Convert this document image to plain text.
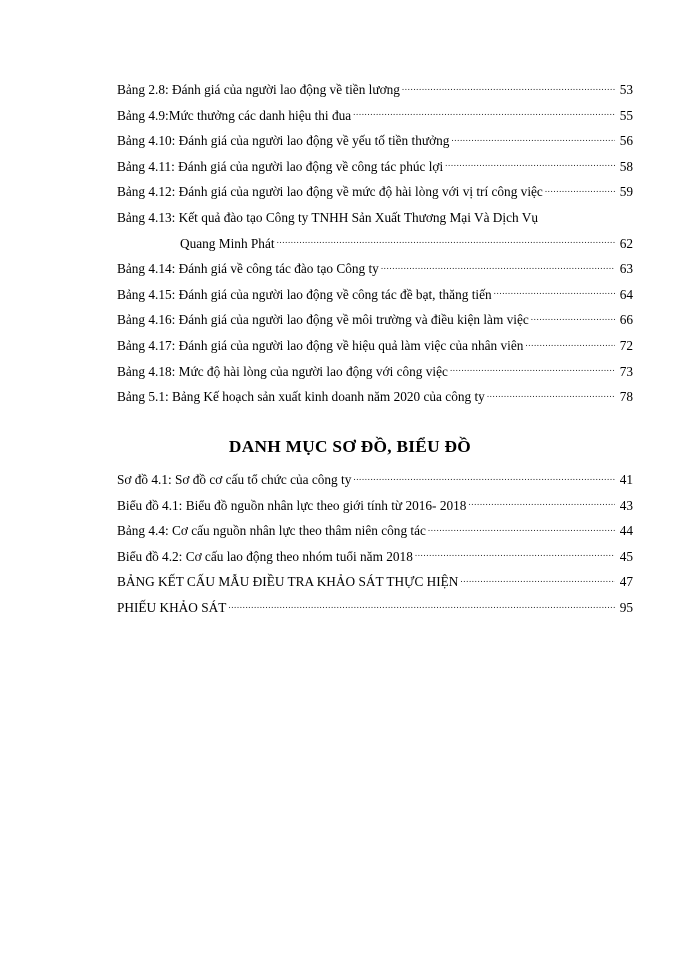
Bảng 2.8: Đánh giá của người lao động về tiền lương .....	53
Bảng 4.9:Mức thưởng các danh hiệu thi đua .....	55
Bảng 4.10: Đánh giá của người lao động về yếu tố tiền thưởng .....	56
Bảng 4.11: Đánh giá của người lao động về công tác phúc lợi .....	58
Bảng 4.12: Đánh giá của người lao động về mức độ hài lòng với vị trí công việc .....	59
Bảng 4.13: Kết quả đào tạo Công ty TNHH Sản Xuất Thương Mại Và Dịch Vụ
Quang Minh Phát .....	62
Bảng 4.14: Đánh giá về công tác đào tạo Công ty .....	63
Bảng 4.15: Đánh giá của người lao động về công tác đề bạt, thăng tiến .....	64
Bảng 4.16: Đánh giá của người lao động về môi trường và điều kiện làm việc .....	66
Bảng 4.17: Đánh giá của người lao động về hiệu quả làm việc của nhân viên .....	72
Bảng 4.18: Mức độ hài lòng của người lao động với công việc .....	73
Bảng 5.1: Bảng Kế hoạch sản xuất kinh doanh năm 2020 của công ty .....	78
DANH MỤC SƠ ĐỒ, BIỂU ĐỒ
Sơ đồ 4.1: Sơ đồ cơ cấu tổ chức của công ty .....	41
Biểu đồ 4.1: Biểu đồ nguồn nhân lực theo giới tính từ 2016- 2018 .....	43
Bảng 4.4: Cơ cấu nguồn nhân lực theo thâm niên công tác .....	44
Biểu đồ 4.2: Cơ cấu lao động theo nhóm tuổi năm 2018 .....	45
BẢNG KẾT CẤU MẪU ĐIỀU TRA KHẢO SÁT THỰC HIỆN .....	47
PHIẾU KHẢO SÁT .....	95
